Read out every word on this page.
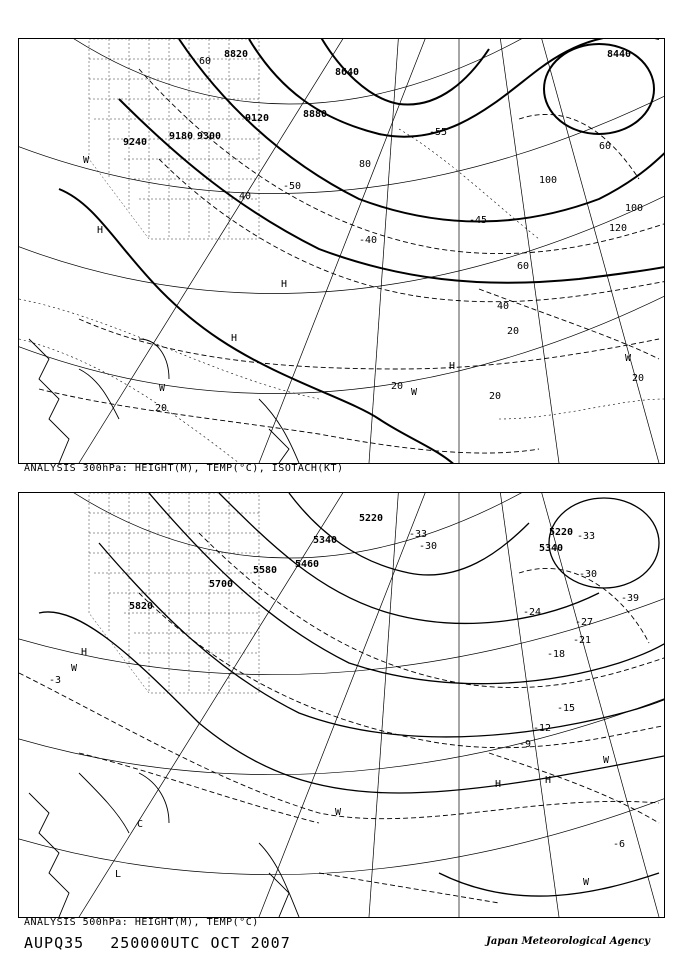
9120
9180
9240
9300
8880
8640
8820	8440
20
20
20
20
20
40
40
60
60
60
80
100
100
120
-40
-45
-50
-55
H
H
H
H
W
W	W
W
ANALYSIS 300hPa: HEIGHT(M), TEMP(°C), ISOTACH(KT)
5820
5700
5580
5460
5340
5220
5220
5340
-3
-6
-9
-12
-15
-18
-21
-24
-27
-30
-33	-33
-39
-30
H
H	H
C
L
W
W
W
W
ANALYSIS 500hPa: HEIGHT(M), TEMP(°C)
AUPQ35 250000UTC OCT 2007	Japan Meteorological Agency
